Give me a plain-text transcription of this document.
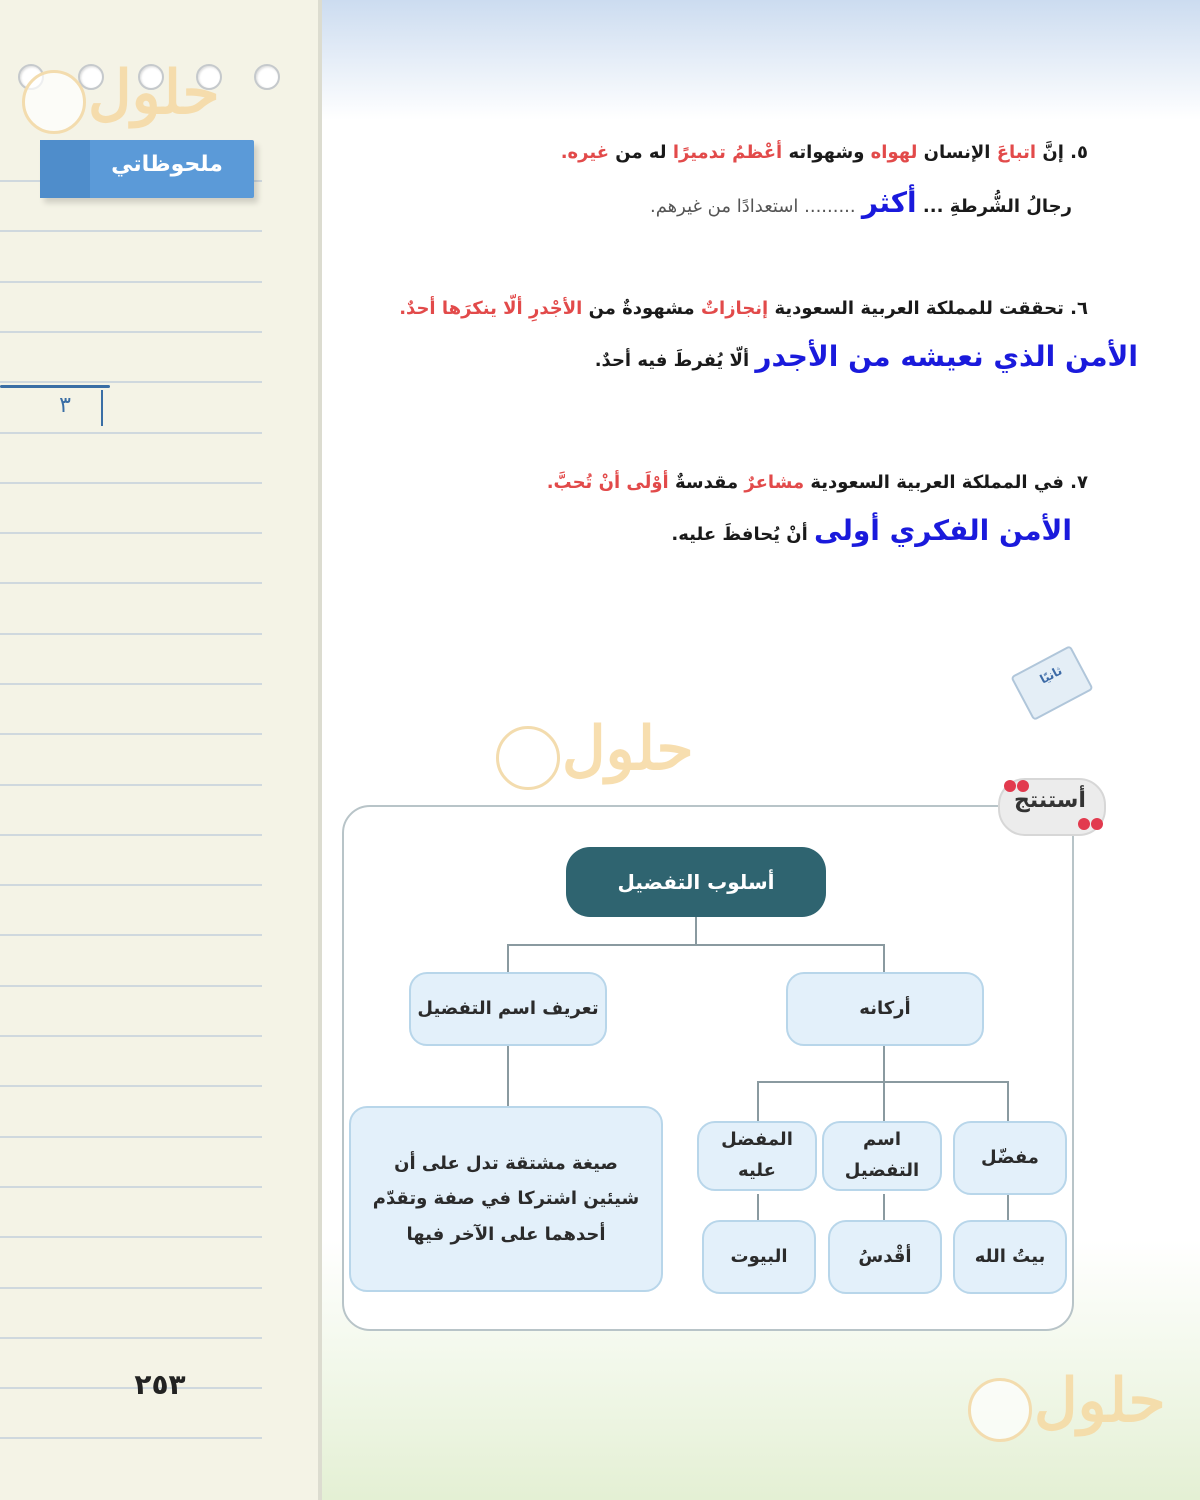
ملحوظاتي
٣
٢٥٣
حلول
حلول
حلول
٥. إنَّ اتباعَ الإنسان لهواه وشهواته أعْظمُ تدميرًا له من غيره.
رجالُ الشُّرطةِ ... أكثر ......... استعدادًا من غيرهم.
٦. تحققت للمملكة العربية السعودية إنجازاتٌ مشهودةٌ من الأجْدرِ ألّا ينكرَها أحدٌ.
الأمن الذي نعيشه من الأجدر ألّا يُفرطَ فيه أحدٌ.
٧. في المملكة العربية السعودية مشاعرٌ مقدسةٌ أوْلَى أنْ تُحبَّ.
الأمن الفكري أولى أنْ يُحافظَ عليه.
ثانيًا
أستنتج
أسلوب التفضيل
أركانه
تعريف اسم التفضيل
مفضّل
اسم التفضيل
المفضل عليه
بيتُ الله
أقْدسُ
البيوت
صيغة مشتقة تدل على أن شيئين اشتركا في صفة وتقدّم أحدهما على الآخر فيها
